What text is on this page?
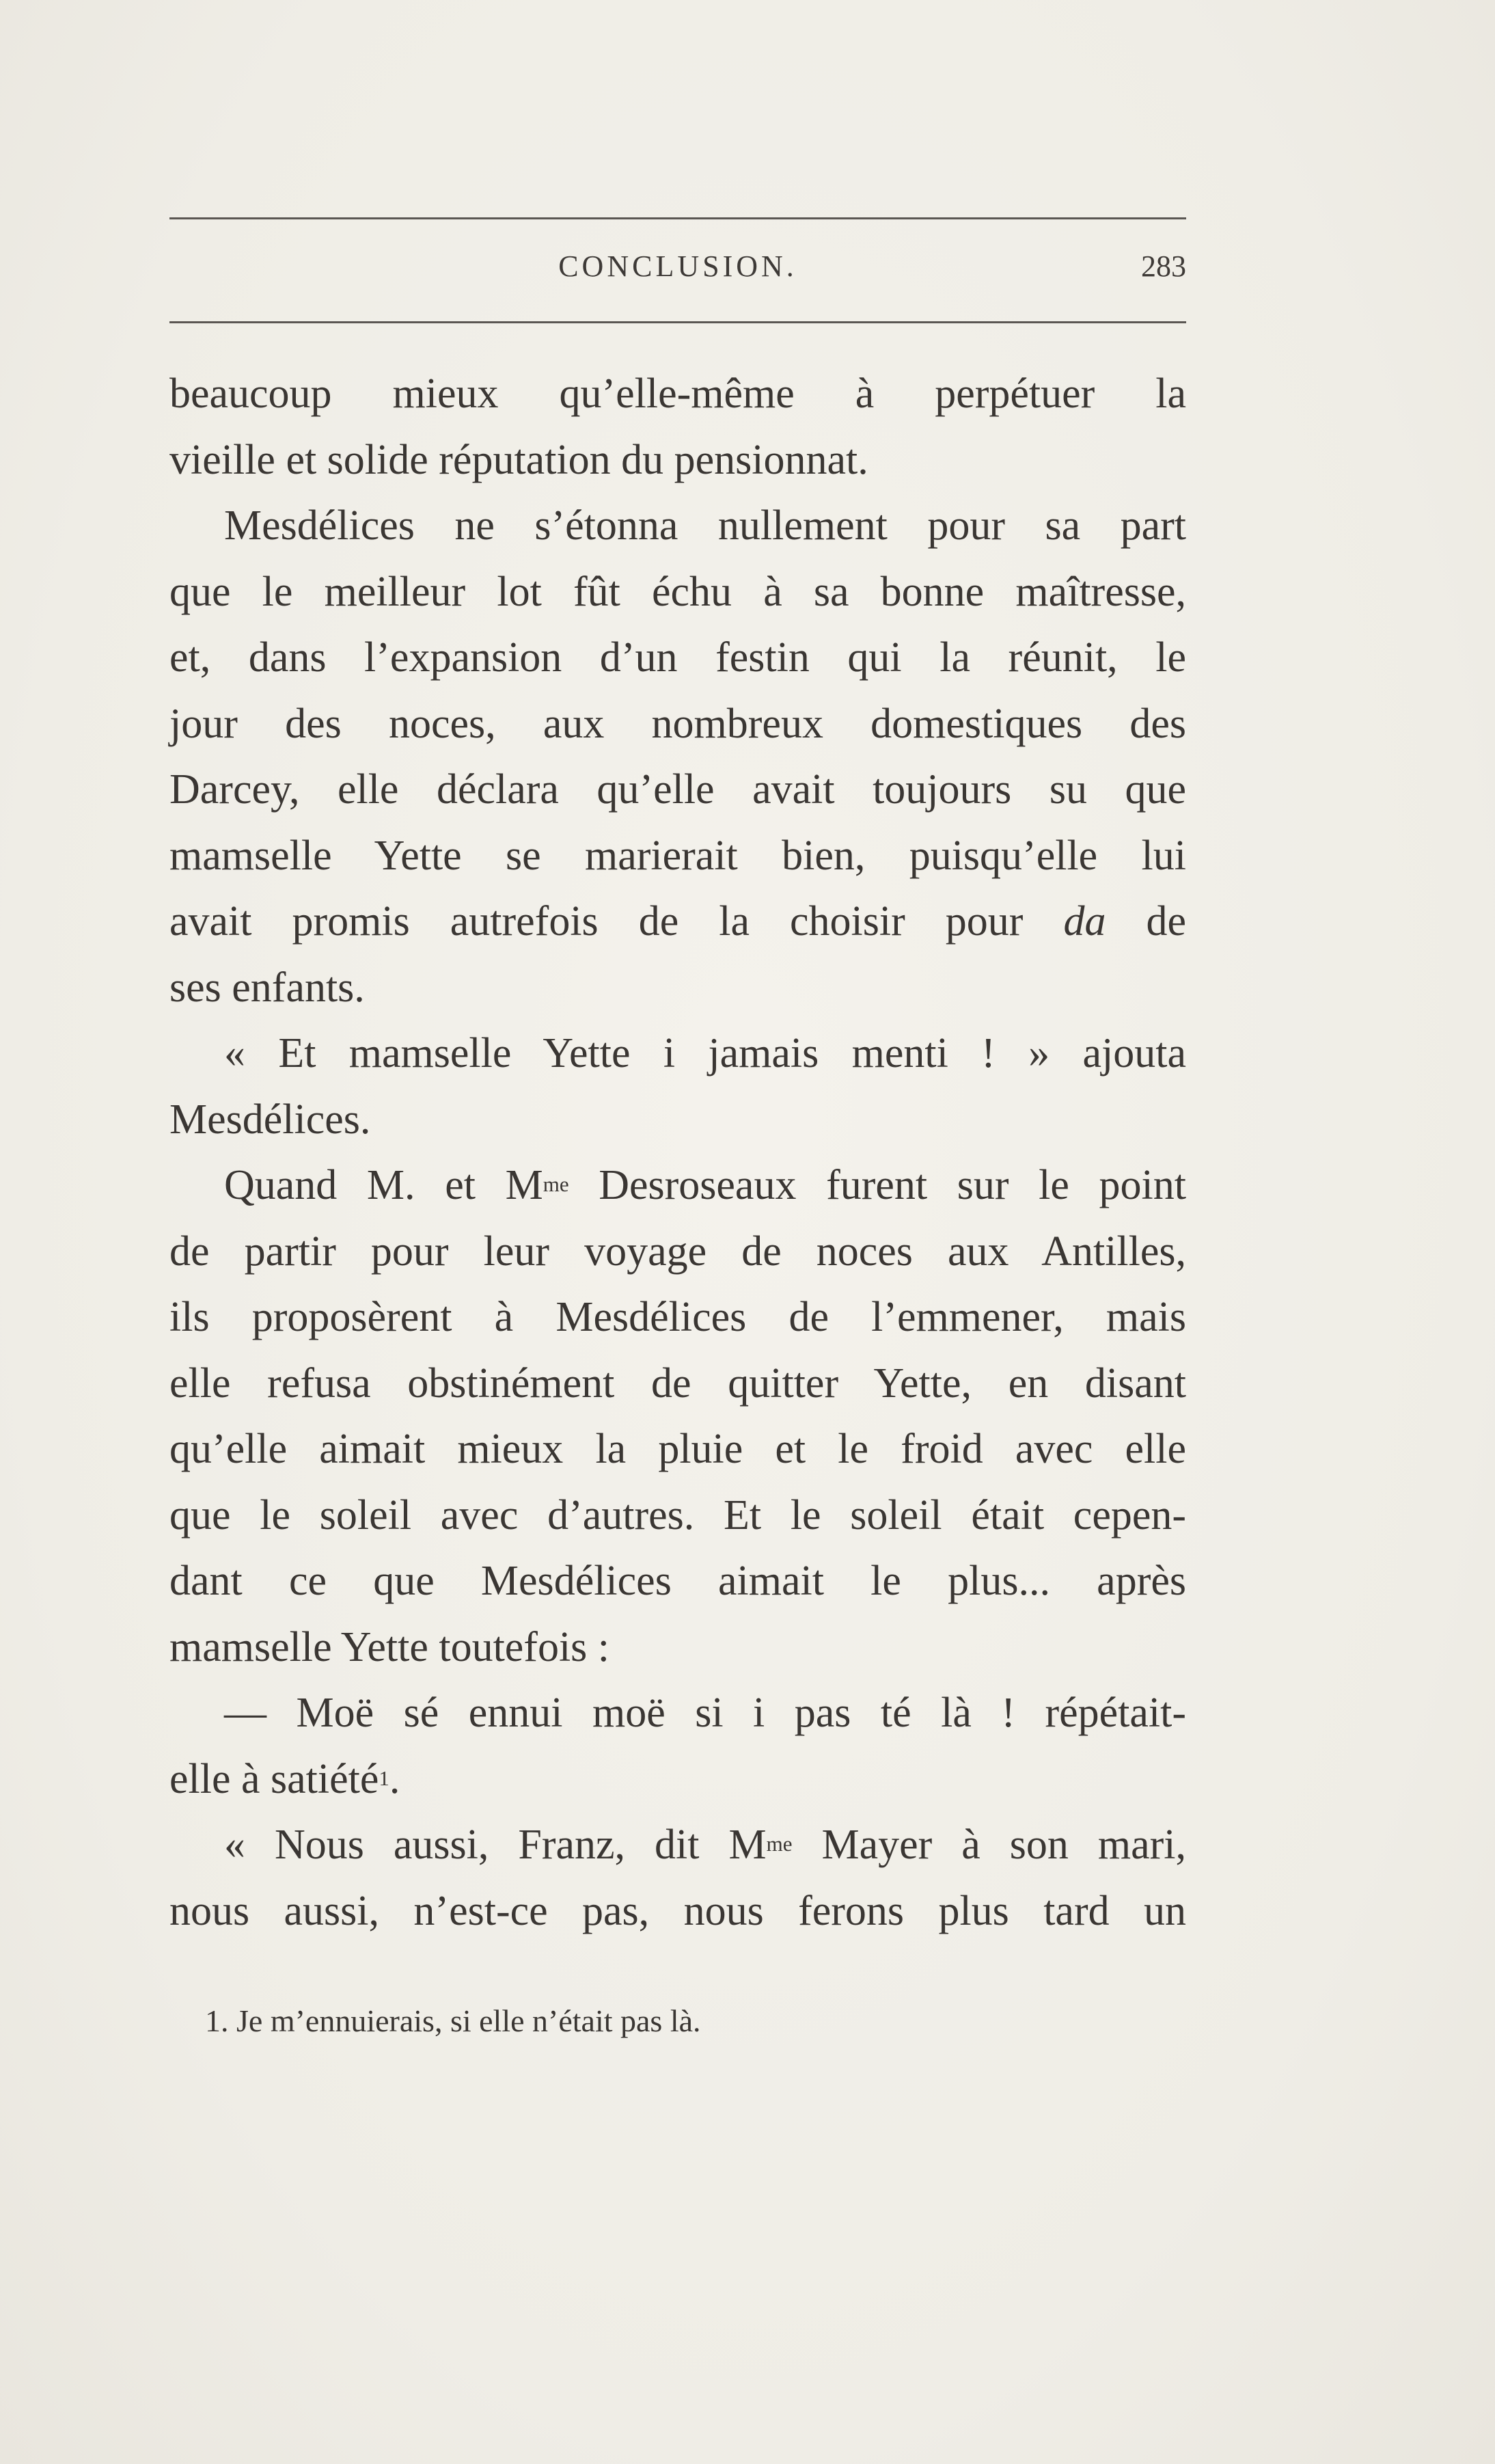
CONCLUSION.	283
beaucoup mieux qu’elle-même à perpétuer la
vieille et solide réputation du pensionnat.
Mesdélices ne s’étonna nullement pour sa part
que le meilleur lot fût échu à sa bonne maîtresse,
et, dans l’expansion d’un festin qui la réunit, le
jour des noces, aux nombreux domestiques des
Darcey, elle déclara qu’elle avait toujours su que
mamselle Yette se marierait bien, puisqu’elle lui
avait promis autrefois de la choisir pour da de
ses enfants.
« Et mamselle Yette i jamais menti ! » ajouta
Mesdélices.
Quand M. et $M^{me}$ Desroseaux furent sur le point
de partir pour leur voyage de noces aux Antilles,
ils proposèrent à Mesdélices de l’emmener, mais
elle refusa obstinément de quitter Yette, en disant
qu’elle aimait mieux la pluie et le froid avec elle
que le soleil avec d’autres. Et le soleil était cepen-
dant ce que Mesdélices aimait le plus... après
mamselle Yette toutefois :
— Moë sé ennui moë si i pas té là ! répétait-
elle à satiété$^1$.
« Nous aussi, Franz, dit $M^{me}$ Mayer à son mari,
nous aussi, n’est-ce pas, nous ferons plus tard un
1. Je m’ennuierais, si elle n’était pas là.
